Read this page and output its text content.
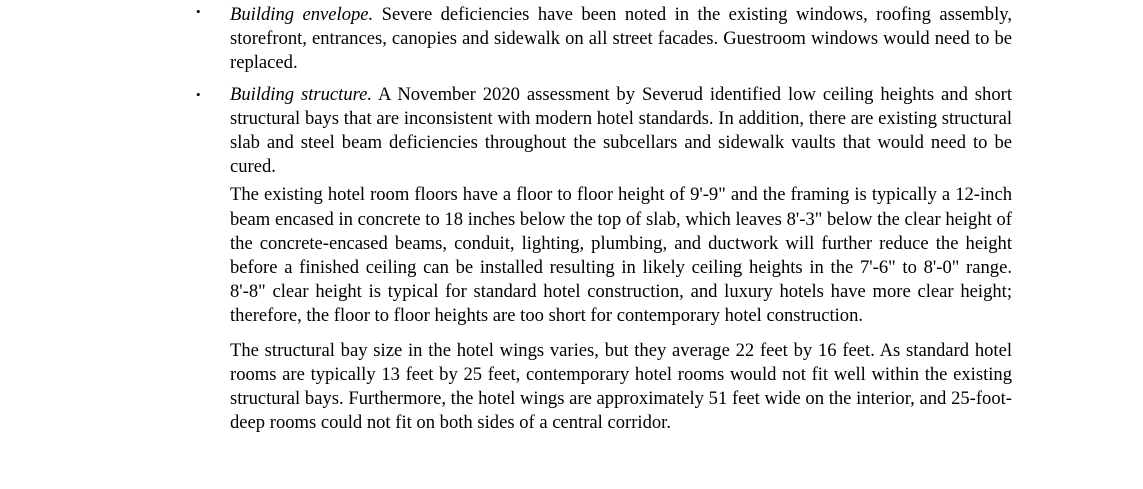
• Building envelope. Severe deficiencies have been noted in the existing windows, roofing assembly, storefront, entrances, canopies and sidewalk on all street facades. Guestroom windows would need to be replaced.

• Building structure. A November 2020 assessment by Severud identified low ceiling heights and short structural bays that are inconsistent with modern hotel standards. In addition, there are existing structural slab and steel beam deficiencies throughout the subcellars and sidewalk vaults that would need to be cured.

The existing hotel room floors have a floor to floor height of 9'-9" and the framing is typically a 12-inch beam encased in concrete to 18 inches below the top of slab, which leaves 8'-3" below the clear height of the concrete-encased beams, conduit, lighting, plumbing, and ductwork will further reduce the height before a finished ceiling can be installed resulting in likely ceiling heights in the 7'-6" to 8'-0" range. 8'-8" clear height is typical for standard hotel construction, and luxury hotels have more clear height; therefore, the floor to floor heights are too short for contemporary hotel construction.

The structural bay size in the hotel wings varies, but they average 22 feet by 16 feet. As standard hotel rooms are typically 13 feet by 25 feet, contemporary hotel rooms would not fit well within the existing structural bays. Furthermore, the hotel wings are approximately 51 feet wide on the interior, and 25-foot-deep rooms could not fit on both sides of a central corridor.
